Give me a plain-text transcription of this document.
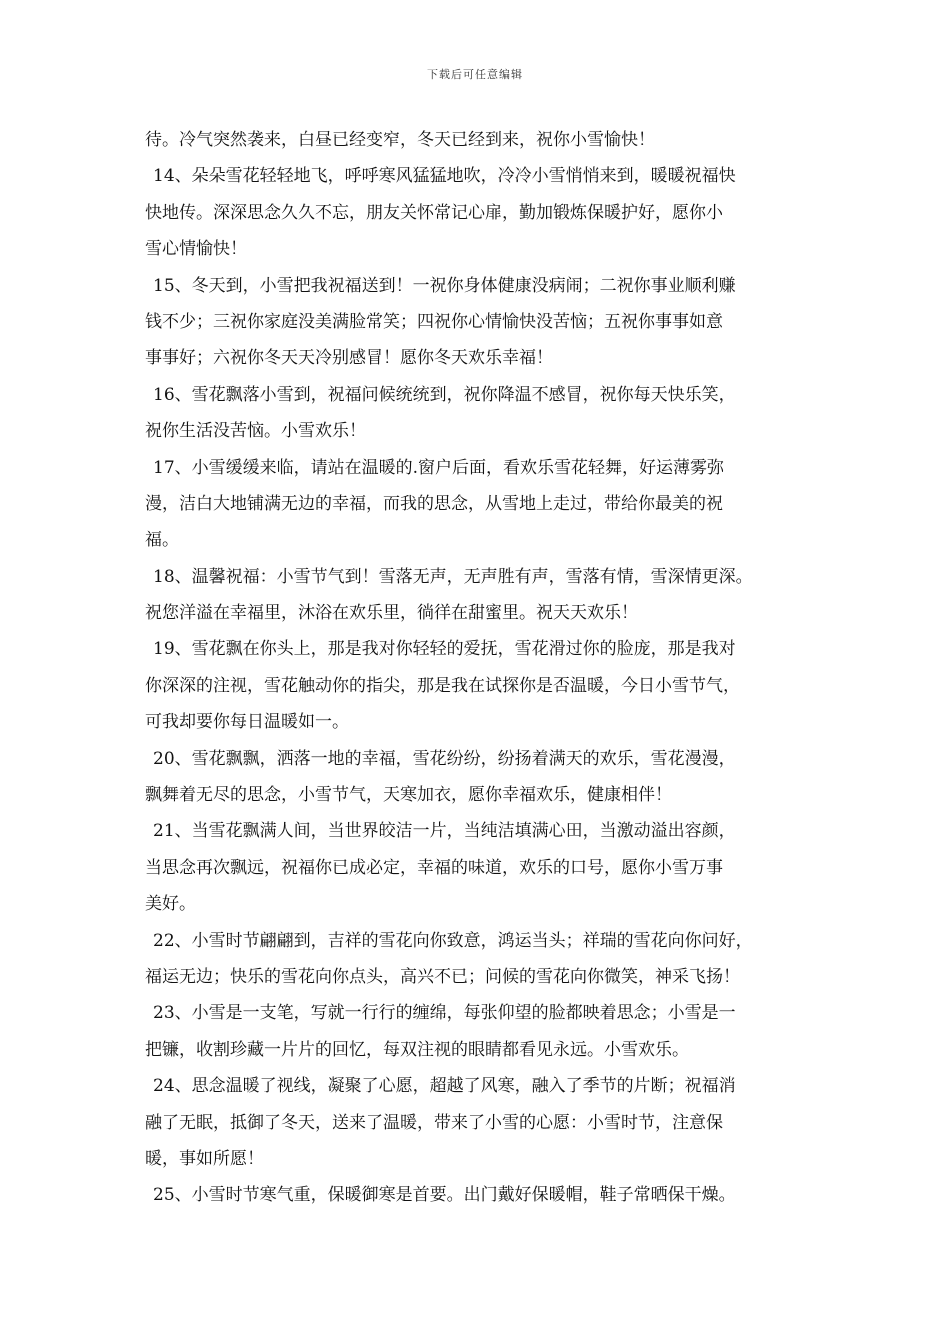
下载后可任意编辑
待。冷气突然袭来，白昼已经变窄，冬天已经到来，祝你小雪愉快！
14、朵朵雪花轻轻地飞，呼呼寒风猛猛地吹，冷冷小雪悄悄来到，暖暖祝福快
快地传。深深思念久久不忘，朋友关怀常记心扉，勤加锻炼保暖护好，愿你小
雪心情愉快！
15、冬天到，小雪把我祝福送到！一祝你身体健康没病闹；二祝你事业顺利赚
钱不少；三祝你家庭没美满脸常笑；四祝你心情愉快没苦恼；五祝你事事如意
事事好；六祝你冬天天冷别感冒！愿你冬天欢乐幸福！
16、雪花飘落小雪到，祝福问候统统到，祝你降温不感冒，祝你每天快乐笑，
祝你生活没苦恼。小雪欢乐！
17、小雪缓缓来临，请站在温暖的.窗户后面，看欢乐雪花轻舞，好运薄雾弥
漫，洁白大地铺满无边的幸福，而我的思念，从雪地上走过，带给你最美的祝
福。
18、温馨祝福：小雪节气到！雪落无声，无声胜有声，雪落有情，雪深情更深。
祝您洋溢在幸福里，沐浴在欢乐里，徜徉在甜蜜里。祝天天欢乐！
19、雪花飘在你头上，那是我对你轻轻的爱抚，雪花滑过你的脸庞，那是我对
你深深的注视，雪花触动你的指尖，那是我在试探你是否温暖，今日小雪节气，
可我却要你每日温暖如一。
20、雪花飘飘，洒落一地的幸福，雪花纷纷，纷扬着满天的欢乐，雪花漫漫，
飘舞着无尽的思念，小雪节气，天寒加衣，愿你幸福欢乐，健康相伴！
21、当雪花飘满人间，当世界皎洁一片，当纯洁填满心田，当激动溢出容颜，
当思念再次飘远，祝福你已成必定，幸福的味道，欢乐的口号，愿你小雪万事
美好。
22、小雪时节翩翩到，吉祥的雪花向你致意，鸿运当头；祥瑞的雪花向你问好，
福运无边；快乐的雪花向你点头，高兴不已；问候的雪花向你微笑，神采飞扬！
23、小雪是一支笔，写就一行行的缠绵，每张仰望的脸都映着思念；小雪是一
把镰，收割珍藏一片片的回忆，每双注视的眼睛都看见永远。小雪欢乐。
24、思念温暖了视线，凝聚了心愿，超越了风寒，融入了季节的片断；祝福消
融了无眠，抵御了冬天，送来了温暖，带来了小雪的心愿：小雪时节，注意保
暖，事如所愿！
25、小雪时节寒气重，保暖御寒是首要。出门戴好保暖帽，鞋子常晒保干燥。
